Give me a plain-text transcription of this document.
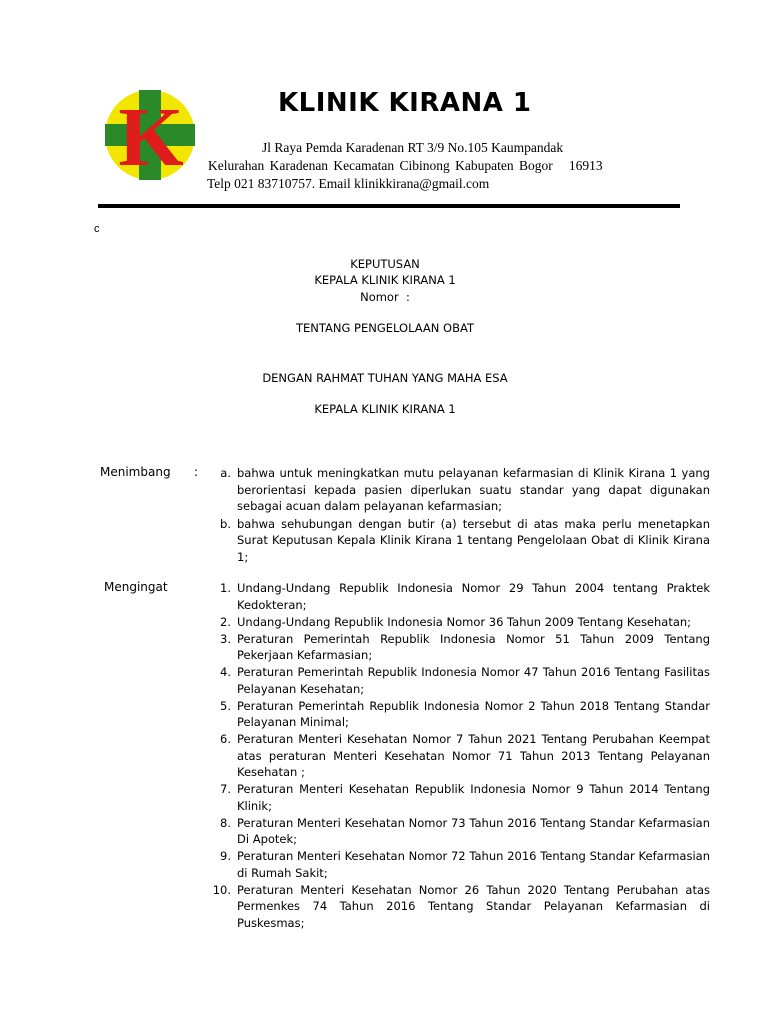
K	KLINIK KIRANA 1
Jl Raya Pemda Karadenan RT 3/9 No.105 Kaumpandak
Kelurahan Karadenan Kecamatan Cibinong Kabupaten Bogor   16913
Telp 021 83710757. Email klinikkirana@gmail.com
c
KEPUTUSAN
KEPALA KLINIK KIRANA 1
Nomor  :
TENTANG PENGELOLAAN OBAT
DENGAN RAHMAT TUHAN YANG MAHA ESA
KEPALA KLINIK KIRANA 1
Menimbang :	a. bahwa untuk meningkatkan mutu pelayanan kefarmasian di Klinik Kirana 1 yang berorientasi kepada pasien diperlukan suatu standar yang dapat digunakan sebagai acuan dalam pelayanan kefarmasian;
b. bahwa sehubungan dengan butir (a) tersebut di atas maka perlu menetapkan Surat Keputusan Kepala Klinik Kirana 1 tentang Pengelolaan Obat di Klinik Kirana 1;
Mengingat	1. Undang-Undang Republik Indonesia Nomor 29 Tahun 2004 tentang Praktek Kedokteran;
2. Undang-Undang Republik Indonesia Nomor 36 Tahun 2009 Tentang Kesehatan;
3. Peraturan Pemerintah Republik Indonesia Nomor 51 Tahun 2009 Tentang Pekerjaan Kefarmasian;
4. Peraturan Pemerintah Republik Indonesia Nomor 47 Tahun 2016 Tentang Fasilitas Pelayanan Kesehatan;
5. Peraturan Pemerintah Republik Indonesia Nomor 2 Tahun 2018 Tentang Standar Pelayanan Minimal;
6. Peraturan Menteri Kesehatan Nomor 7 Tahun 2021 Tentang Perubahan Keempat atas peraturan Menteri Kesehatan Nomor 71 Tahun 2013 Tentang Pelayanan Kesehatan ;
7. Peraturan Menteri Kesehatan Republik Indonesia Nomor 9 Tahun 2014 Tentang Klinik;
8. Peraturan Menteri Kesehatan Nomor 73 Tahun 2016 Tentang Standar Kefarmasian Di Apotek;
9. Peraturan Menteri Kesehatan Nomor 72 Tahun 2016 Tentang Standar Kefarmasian di Rumah Sakit;
10. Peraturan Menteri Kesehatan Nomor 26 Tahun 2020 Tentang Perubahan atas Permenkes 74 Tahun 2016 Tentang Standar Pelayanan Kefarmasian di Puskesmas;
